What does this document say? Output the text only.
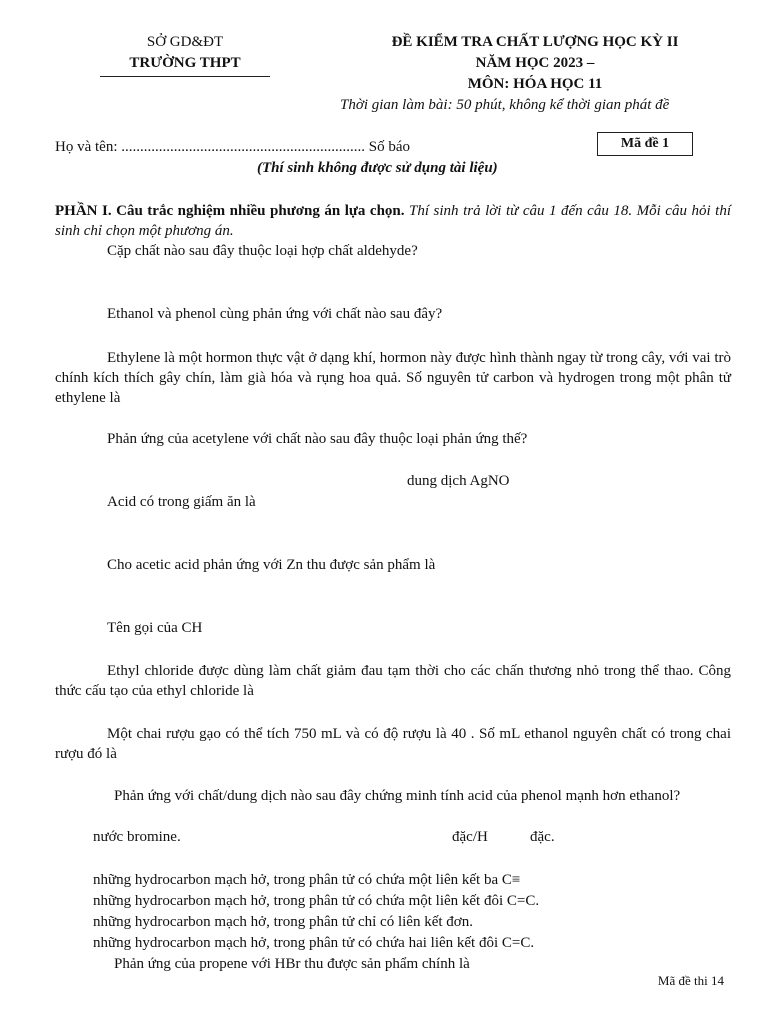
SỞ GD&ĐT
TRƯỜNG THPT
ĐỀ KIỂM TRA CHẤT LƯỢNG HỌC KỲ II
NĂM HỌC 2023 –
MÔN: HÓA HỌC 11
Thời gian làm bài: 50 phút, không kể thời gian phát đề
Họ và tên: ................................................................. Số báo	Mã đề 1
(Thí sinh không được sử dụng tài liệu)
PHẦN I. Câu trắc nghiệm nhiều phương án lựa chọn. Thí sinh trả lời từ câu 1 đến câu 18. Mỗi câu hỏi thí sinh chỉ chọn một phương án.
Cặp chất nào sau đây thuộc loại hợp chất aldehyde?
Ethanol và phenol cùng phản ứng với chất nào sau đây?
Ethylene là một hormon thực vật ở dạng khí, hormon này được hình thành ngay từ trong cây, với vai trò chính kích thích gây chín, làm già hóa và rụng hoa quả. Số nguyên tử carbon và hydrogen trong một phân tử ethylene là
Phản ứng của acetylene với chất nào sau đây thuộc loại phản ứng thế?
dung dịch AgNO
Acid có trong giấm ăn là
Cho acetic acid phản ứng với Zn thu được sản phẩm là
Tên gọi của CH
Ethyl chloride được dùng làm chất giảm đau tạm thời cho các chấn thương nhỏ trong thể thao. Công thức cấu tạo của ethyl chloride là
Một chai rượu gạo có thể tích 750 mL và có độ rượu là 40 . Số mL ethanol nguyên chất có trong chai rượu đó là
Phản ứng với chất/dung dịch nào sau đây chứng minh tính acid của phenol mạnh hơn ethanol?
nước bromine.	đặc/H	đặc.
những hydrocarbon mạch hở, trong phân tử có chứa một liên kết ba C≡
những hydrocarbon mạch hở, trong phân tử có chứa một liên kết đôi C=C.
những hydrocarbon mạch hở, trong phân tử chỉ có liên kết đơn.
những hydrocarbon mạch hở, trong phân tử có chứa hai liên kết đôi C=C.
Phản ứng của propene với HBr thu được sản phẩm chính là
Mã đề thi 14
